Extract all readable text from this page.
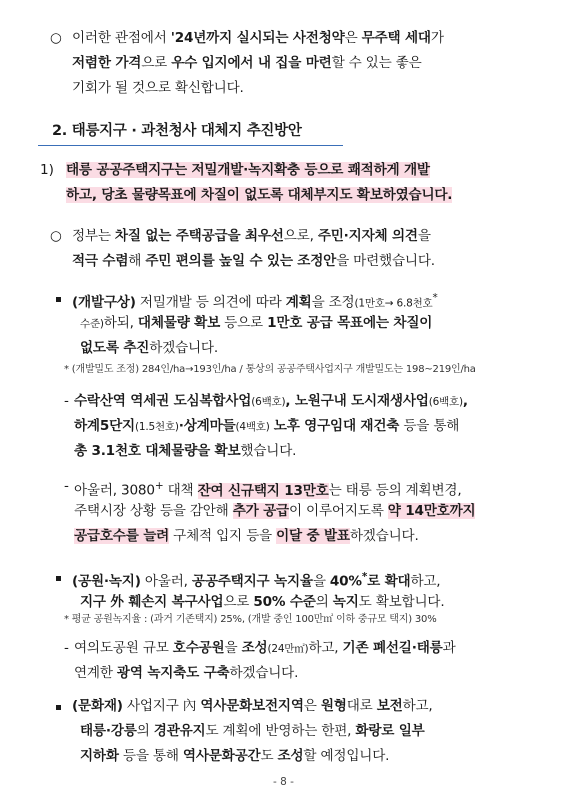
○ 이러한 관점에서 '24년까지 실시되는 사전청약은 무주택 세대가
저렴한 가격으로 우수 입지에서 내 집을 마련할 수 있는 좋은
기회가 될 것으로 확신합니다.
2. 태릉지구 · 과천청사 대체지 추진방안
1) 태릉 공공주택지구는 저밀개발·녹지확충 등으로 쾌적하게 개발
하고, 당초 물량목표에 차질이 없도록 대체부지도 확보하였습니다.
○ 정부는 차질 없는 주택공급을 최우선으로, 주민·지자체 의견을
적극 수렴해 주민 편의를 높일 수 있는 조정안을 마련했습니다.
(개발구상) 저밀개발 등 의견에 따라 계획을 조정(1만호→ 6.8천호*
수준)하되, 대체물량 확보 등으로 1만호 공급 목표에는 차질이
없도록 추진하겠습니다.
* (개발밀도 조정) 284인/ha→193인/ha / 통상의 공공주택사업지구 개발밀도는 198~219인/ha
- 수락산역 역세권 도심복합사업(6백호), 노원구내 도시재생사업(6백호),
하계5단지(1.5천호)·상계마들(4백호) 노후 영구임대 재건축 등을 통해
총 3.1천호 대체물량을 확보했습니다.
- 아울러, 3080+ 대책 잔여 신규택지 13만호는 태릉 등의 계획변경,
주택시장 상황 등을 감안해 추가 공급이 이루어지도록 약 14만호까지
공급호수를 늘려 구체적 입지 등을 이달 중 발표하겠습니다.
(공원·녹지) 아울러, 공공주택지구 녹지율을 40%*로 확대하고,
지구 外 훼손지 복구사업으로 50% 수준의 녹지도 확보합니다.
* 평균 공원녹지율 : (과거 기존택지) 25%, (개발 중인 100만㎡ 이하 중규모 택지) 30%
- 여의도공원 규모 호수공원을 조성(24만㎡)하고, 기존 폐선길·태릉과
연계한 광역 녹지축도 구축하겠습니다.
(문화재) 사업지구 內 역사문화보전지역은 원형대로 보전하고,
태릉·강릉의 경관유지도 계획에 반영하는 한편, 화랑로 일부
지하화 등을 통해 역사문화공간도 조성할 예정입니다.
- 8 -
